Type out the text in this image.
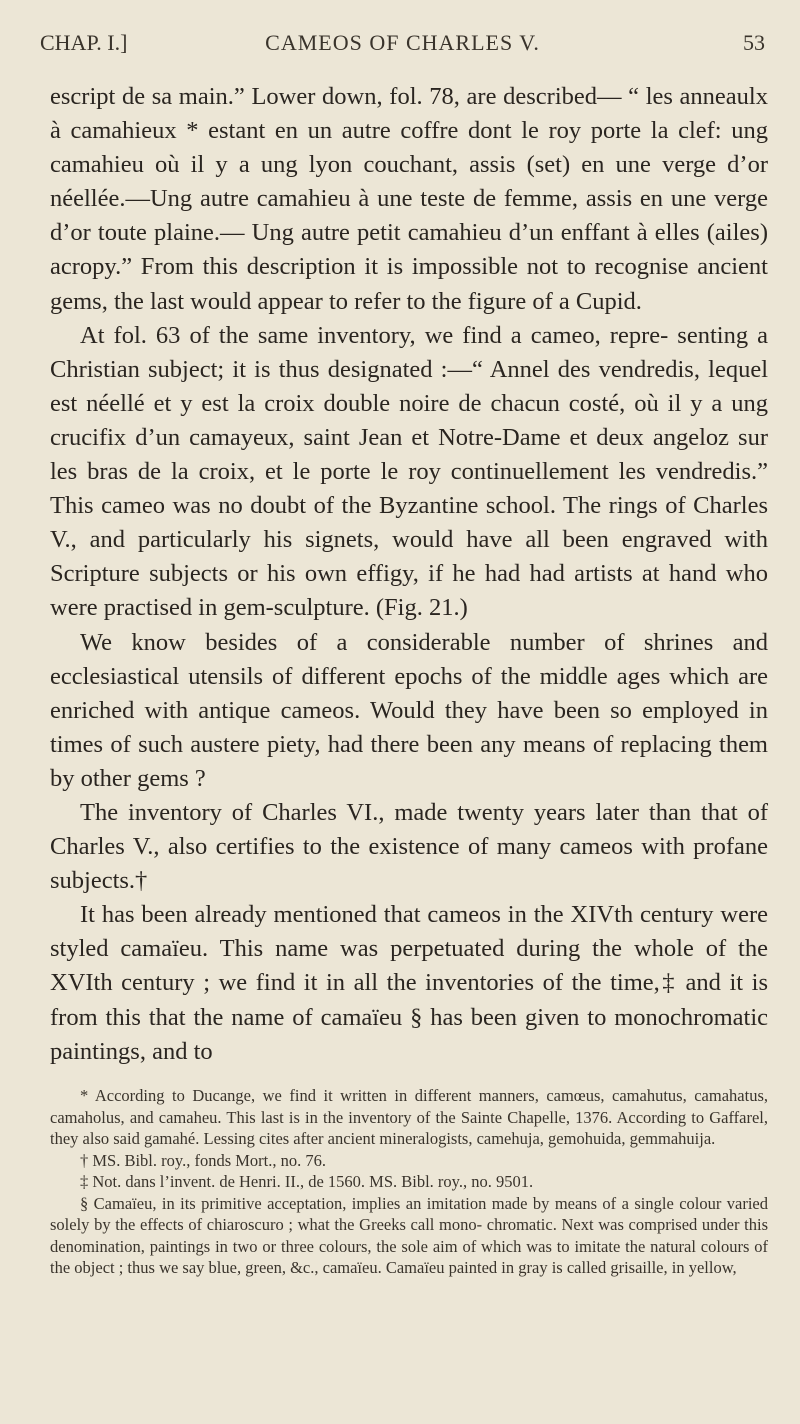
CHAP. I.]	CAMEOS OF CHARLES V.	53

escript de sa main.” Lower down, fol. 78, are described— “ les anneaulx à camahieux * estant en un autre coffre dont le roy porte la clef: ung camahieu où il y a ung lyon couchant, assis (set) en une verge d’or néellée.—Ung autre camahieu à une teste de femme, assis en une verge d’or toute plaine.— Ung autre petit camahieu d’un enffant à elles (ailes) acropy.” From this description it is impossible not to recognise ancient gems, the last would appear to refer to the figure of a Cupid.

At fol. 63 of the same inventory, we find a cameo, repre- senting a Christian subject; it is thus designated :—“ Annel des vendredis, lequel est néellé et y est la croix double noire de chacun costé, où il y a ung crucifix d’un camayeux, saint Jean et Notre-Dame et deux angeloz sur les bras de la croix, et le porte le roy continuellement les vendredis.” This cameo was no doubt of the Byzantine school. The rings of Charles V., and particularly his signets, would have all been engraved with Scripture subjects or his own effigy, if he had had artists at hand who were practised in gem-sculpture. (Fig. 21.)

We know besides of a considerable number of shrines and ecclesiastical utensils of different epochs of the middle ages which are enriched with antique cameos. Would they have been so employed in times of such austere piety, had there been any means of replacing them by other gems ?

The inventory of Charles VI., made twenty years later than that of Charles V., also certifies to the existence of many cameos with profane subjects.†

It has been already mentioned that cameos in the XIVth century were styled camaïeu. This name was perpetuated during the whole of the XVIth century ; we find it in all the inventories of the time,‡ and it is from this that the name of camaïeu § has been given to monochromatic paintings, and to

* According to Ducange, we find it written in different manners, camœus, camahutus, camahatus, camaholus, and camaheu. This last is in the inventory of the Sainte Chapelle, 1376. According to Gaffarel, they also said gamahé. Lessing cites after ancient mineralogists, camehuja, gemohuida, gemmahuija.

† MS. Bibl. roy., fonds Mort., no. 76.

‡ Not. dans l’invent. de Henri. II., de 1560. MS. Bibl. roy., no. 9501.

§ Camaïeu, in its primitive acceptation, implies an imitation made by means of a single colour varied solely by the effects of chiaroscuro ; what the Greeks call mono- chromatic. Next was comprised under this denomination, paintings in two or three colours, the sole aim of which was to imitate the natural colours of the object ; thus we say blue, green, &c., camaïeu. Camaïeu painted in gray is called grisaille, in yellow,
